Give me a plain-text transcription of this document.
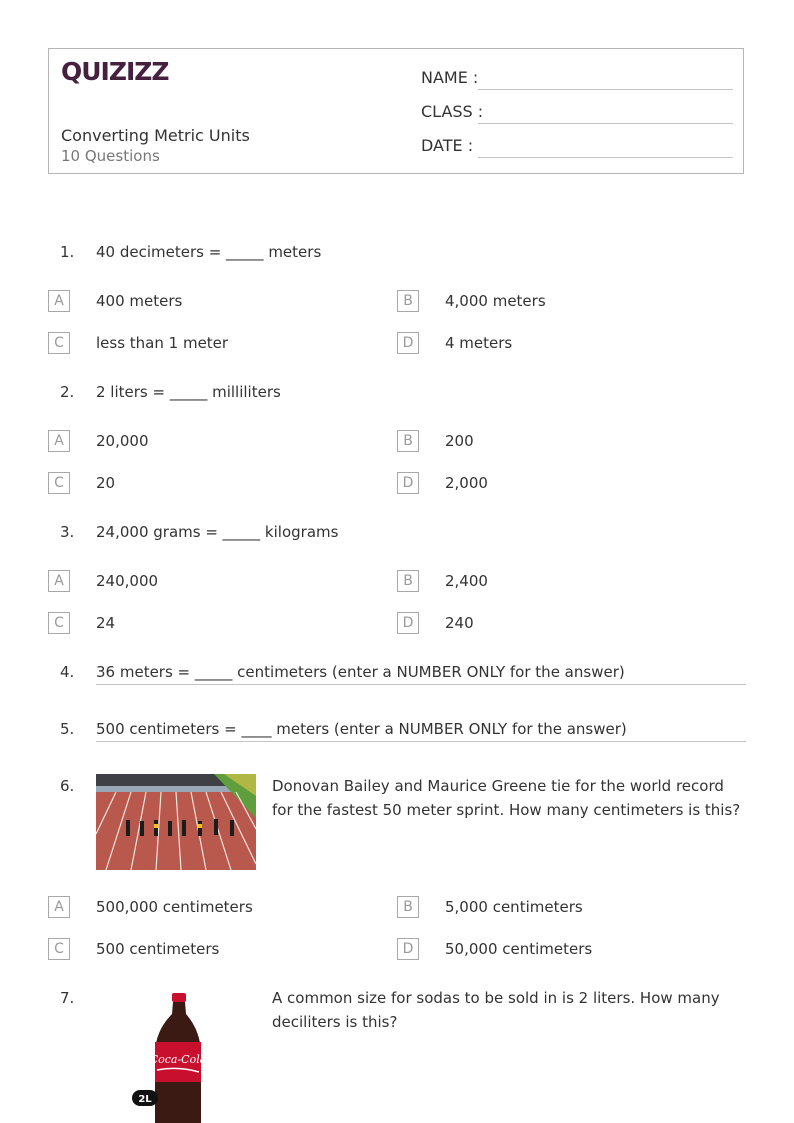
QUIZIZZ
Converting Metric Units
10 Questions
NAME :
CLASS :
DATE :
1. 40 decimeters = _____ meters
A	400 meters	B	4,000 meters
C	less than 1 meter	D	4 meters
2. 2 liters = _____ milliliters
A	20,000	B	200
C	20	D	2,000
3. 24,000 grams = _____ kilograms
A	240,000	B	2,400
C	24	D	240
4. 36 meters = _____ centimeters (enter a NUMBER ONLY for the answer)
5. 500 centimeters = ____ meters (enter a NUMBER ONLY for the answer)
6.	Donovan Bailey and Maurice Greene tie for the world record for the fastest 50 meter sprint. How many centimeters is this?
A	500,000 centimeters	B	5,000 centimeters
C	500 centimeters	D	50,000 centimeters
7.
Coca-Cola
2L
A common size for sodas to be sold in is 2 liters. How many deciliters is this?
